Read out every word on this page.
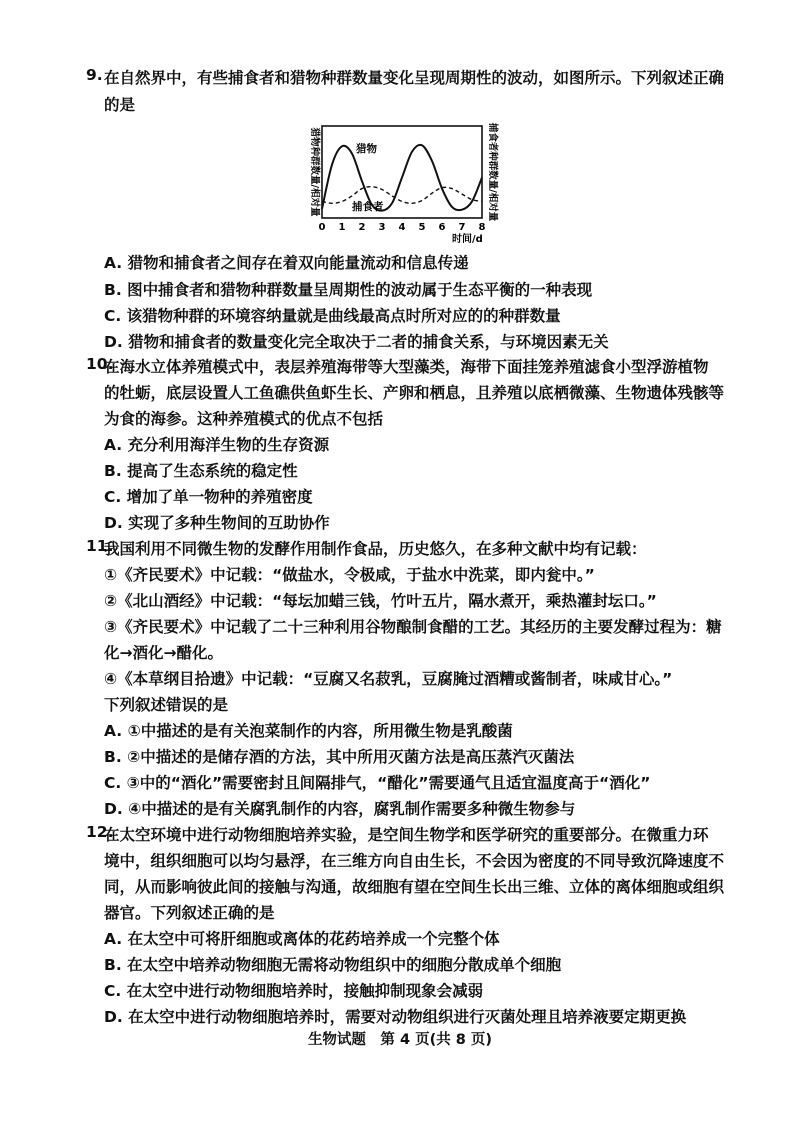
9. 在自然界中，有些捕食者和猎物种群数量变化呈现周期性的波动，如图所示。下列叙述正确
的是
0 1 2 3 4 5 6 7 8
猎物种群数量/相对量	捕食者种群数量/相对量
猎物
捕食者
时间/d
A. 猎物和捕食者之间存在着双向能量流动和信息传递
B. 图中捕食者和猎物种群数量呈周期性的波动属于生态平衡的一种表现
C. 该猎物种群的环境容纳量就是曲线最高点时所对应的的种群数量
D. 猎物和捕食者的数量变化完全取决于二者的捕食关系，与环境因素无关
10.
在海水立体养殖模式中，表层养殖海带等大型藻类，海带下面挂笼养殖滤食小型浮游植物
的牡蛎，底层设置人工鱼礁供鱼虾生长、产卵和栖息，且养殖以底栖微藻、生物遗体残骸等
为食的海参。这种养殖模式的优点不包括
A. 充分利用海洋生物的生存资源
B. 提高了生态系统的稳定性
C. 增加了单一物种的养殖密度
D. 实现了多种生物间的互助协作
11.
我国利用不同微生物的发酵作用制作食品，历史悠久，在多种文献中均有记载：
①《齐民要术》中记载：“做盐水，令极咸，于盐水中洗菜，即内瓮中。”
②《北山酒经》中记载：“每坛加蜡三钱，竹叶五片，隔水煮开，乘热灌封坛口。”
③《齐民要术》中记载了二十三种利用谷物酿制食醋的工艺。其经历的主要发酵过程为：糖
化→酒化→醋化。
④《本草纲目拾遗》中记载：“豆腐又名菽乳，豆腐腌过酒糟或酱制者，味咸甘心。”
下列叙述错误的是
A. ①中描述的是有关泡菜制作的内容，所用微生物是乳酸菌
B. ②中描述的是储存酒的方法，其中所用灭菌方法是高压蒸汽灭菌法
C. ③中的“酒化”需要密封且间隔排气，“醋化”需要通气且适宜温度高于“酒化”
D. ④中描述的是有关腐乳制作的内容，腐乳制作需要多种微生物参与
12.
在太空环境中进行动物细胞培养实验，是空间生物学和医学研究的重要部分。在微重力环
境中，组织细胞可以均匀悬浮，在三维方向自由生长，不会因为密度的不同导致沉降速度不
同，从而影响彼此间的接触与沟通，故细胞有望在空间生长出三维、立体的离体细胞或组织
器官。下列叙述正确的是
A. 在太空中可将肝细胞或离体的花药培养成一个完整个体
B. 在太空中培养动物细胞无需将动物组织中的细胞分散成单个细胞
C. 在太空中进行动物细胞培养时，接触抑制现象会减弱
D. 在太空中进行动物细胞培养时，需要对动物组织进行灭菌处理且培养液要定期更换
生物试题　第 4 页(共 8 页)
